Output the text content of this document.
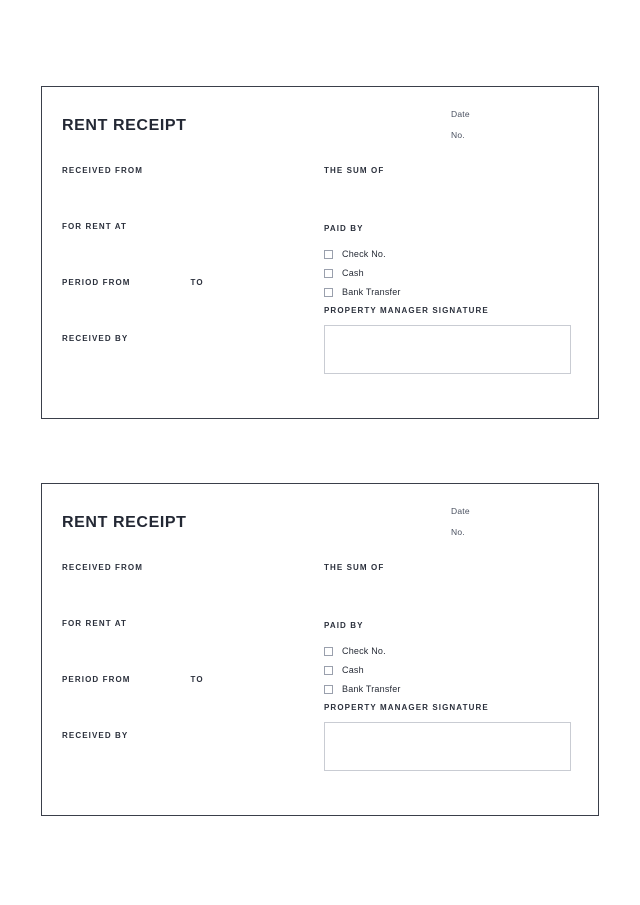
RENT RECEIPT
Date
No.
RECEIVED FROM
FOR RENT AT
PERIOD FROM	TO
RECEIVED BY
THE SUM OF
PAID BY
Check No.
Cash
Bank Transfer
PROPERTY MANAGER SIGNATURE
RENT RECEIPT
Date
No.
RECEIVED FROM
FOR RENT AT
PERIOD FROM	TO
RECEIVED BY
THE SUM OF
PAID BY
Check No.
Cash
Bank Transfer
PROPERTY MANAGER SIGNATURE
